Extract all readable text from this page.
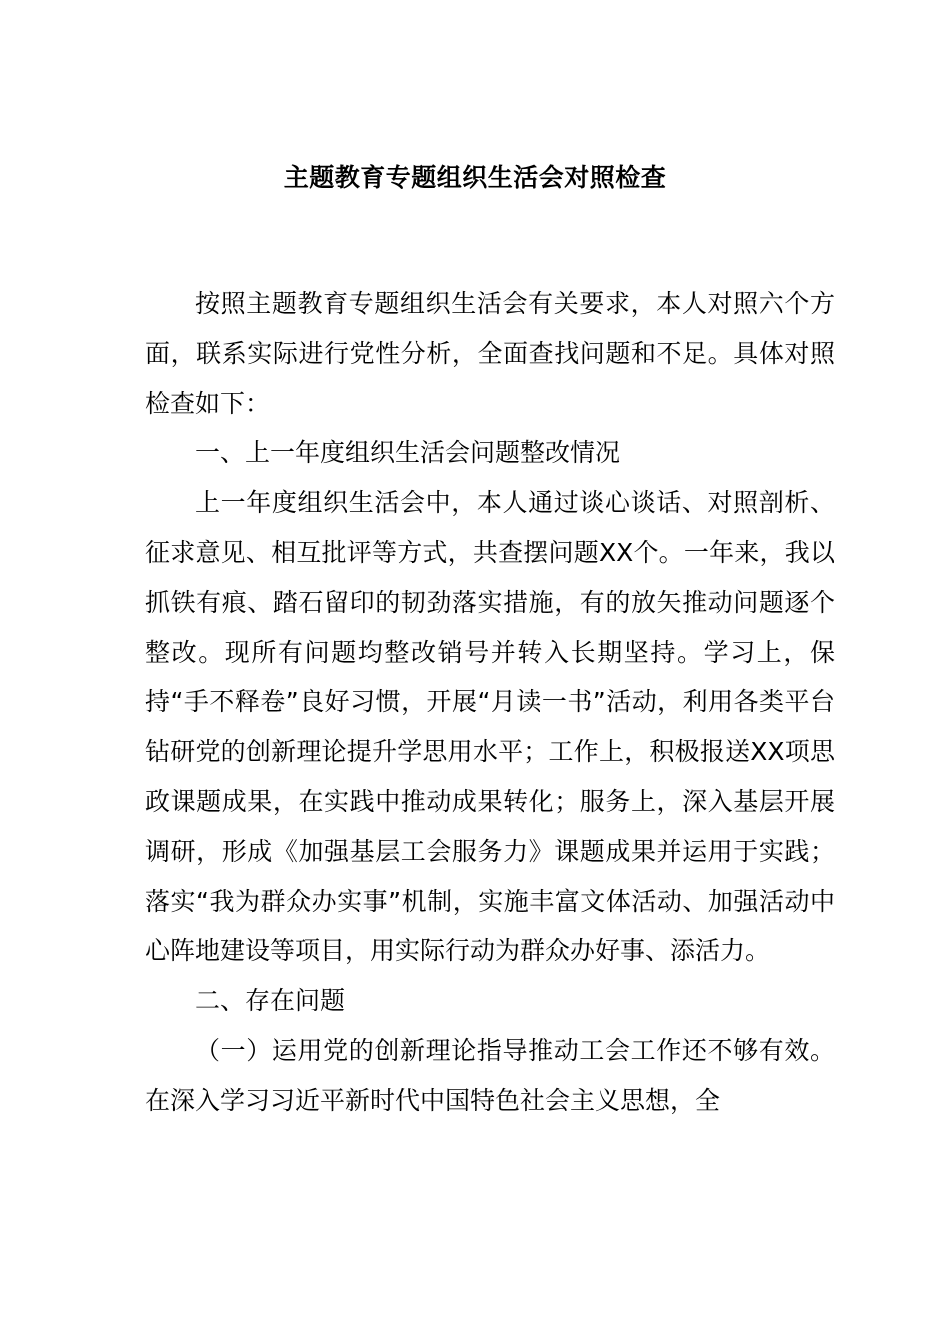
主题教育专题组织生活会对照检查

按照主题教育专题组织生活会有关要求，本人对照六个方面，联系实际进行党性分析，全面查找问题和不足。具体对照检查如下：

一、上一年度组织生活会问题整改情况

上一年度组织生活会中，本人通过谈心谈话、对照剖析、征求意见、相互批评等方式，共查摆问题XX个。一年来，我以抓铁有痕、踏石留印的韧劲落实措施，有的放矢推动问题逐个整改。现所有问题均整改销号并转入长期坚持。学习上，保持“手不释卷”良好习惯，开展“月读一书”活动，利用各类平台钻研党的创新理论提升学思用水平；工作上，积极报送XX项思政课题成果，在实践中推动成果转化；服务上，深入基层开展调研，形成《加强基层工会服务力》课题成果并运用于实践；落实“我为群众办实事”机制，实施丰富文体活动、加强活动中心阵地建设等项目，用实际行动为群众办好事、添活力。

二、存在问题

（一）运用党的创新理论指导推动工会工作还不够有效。在深入学习习近平新时代中国特色社会主义思想，全
